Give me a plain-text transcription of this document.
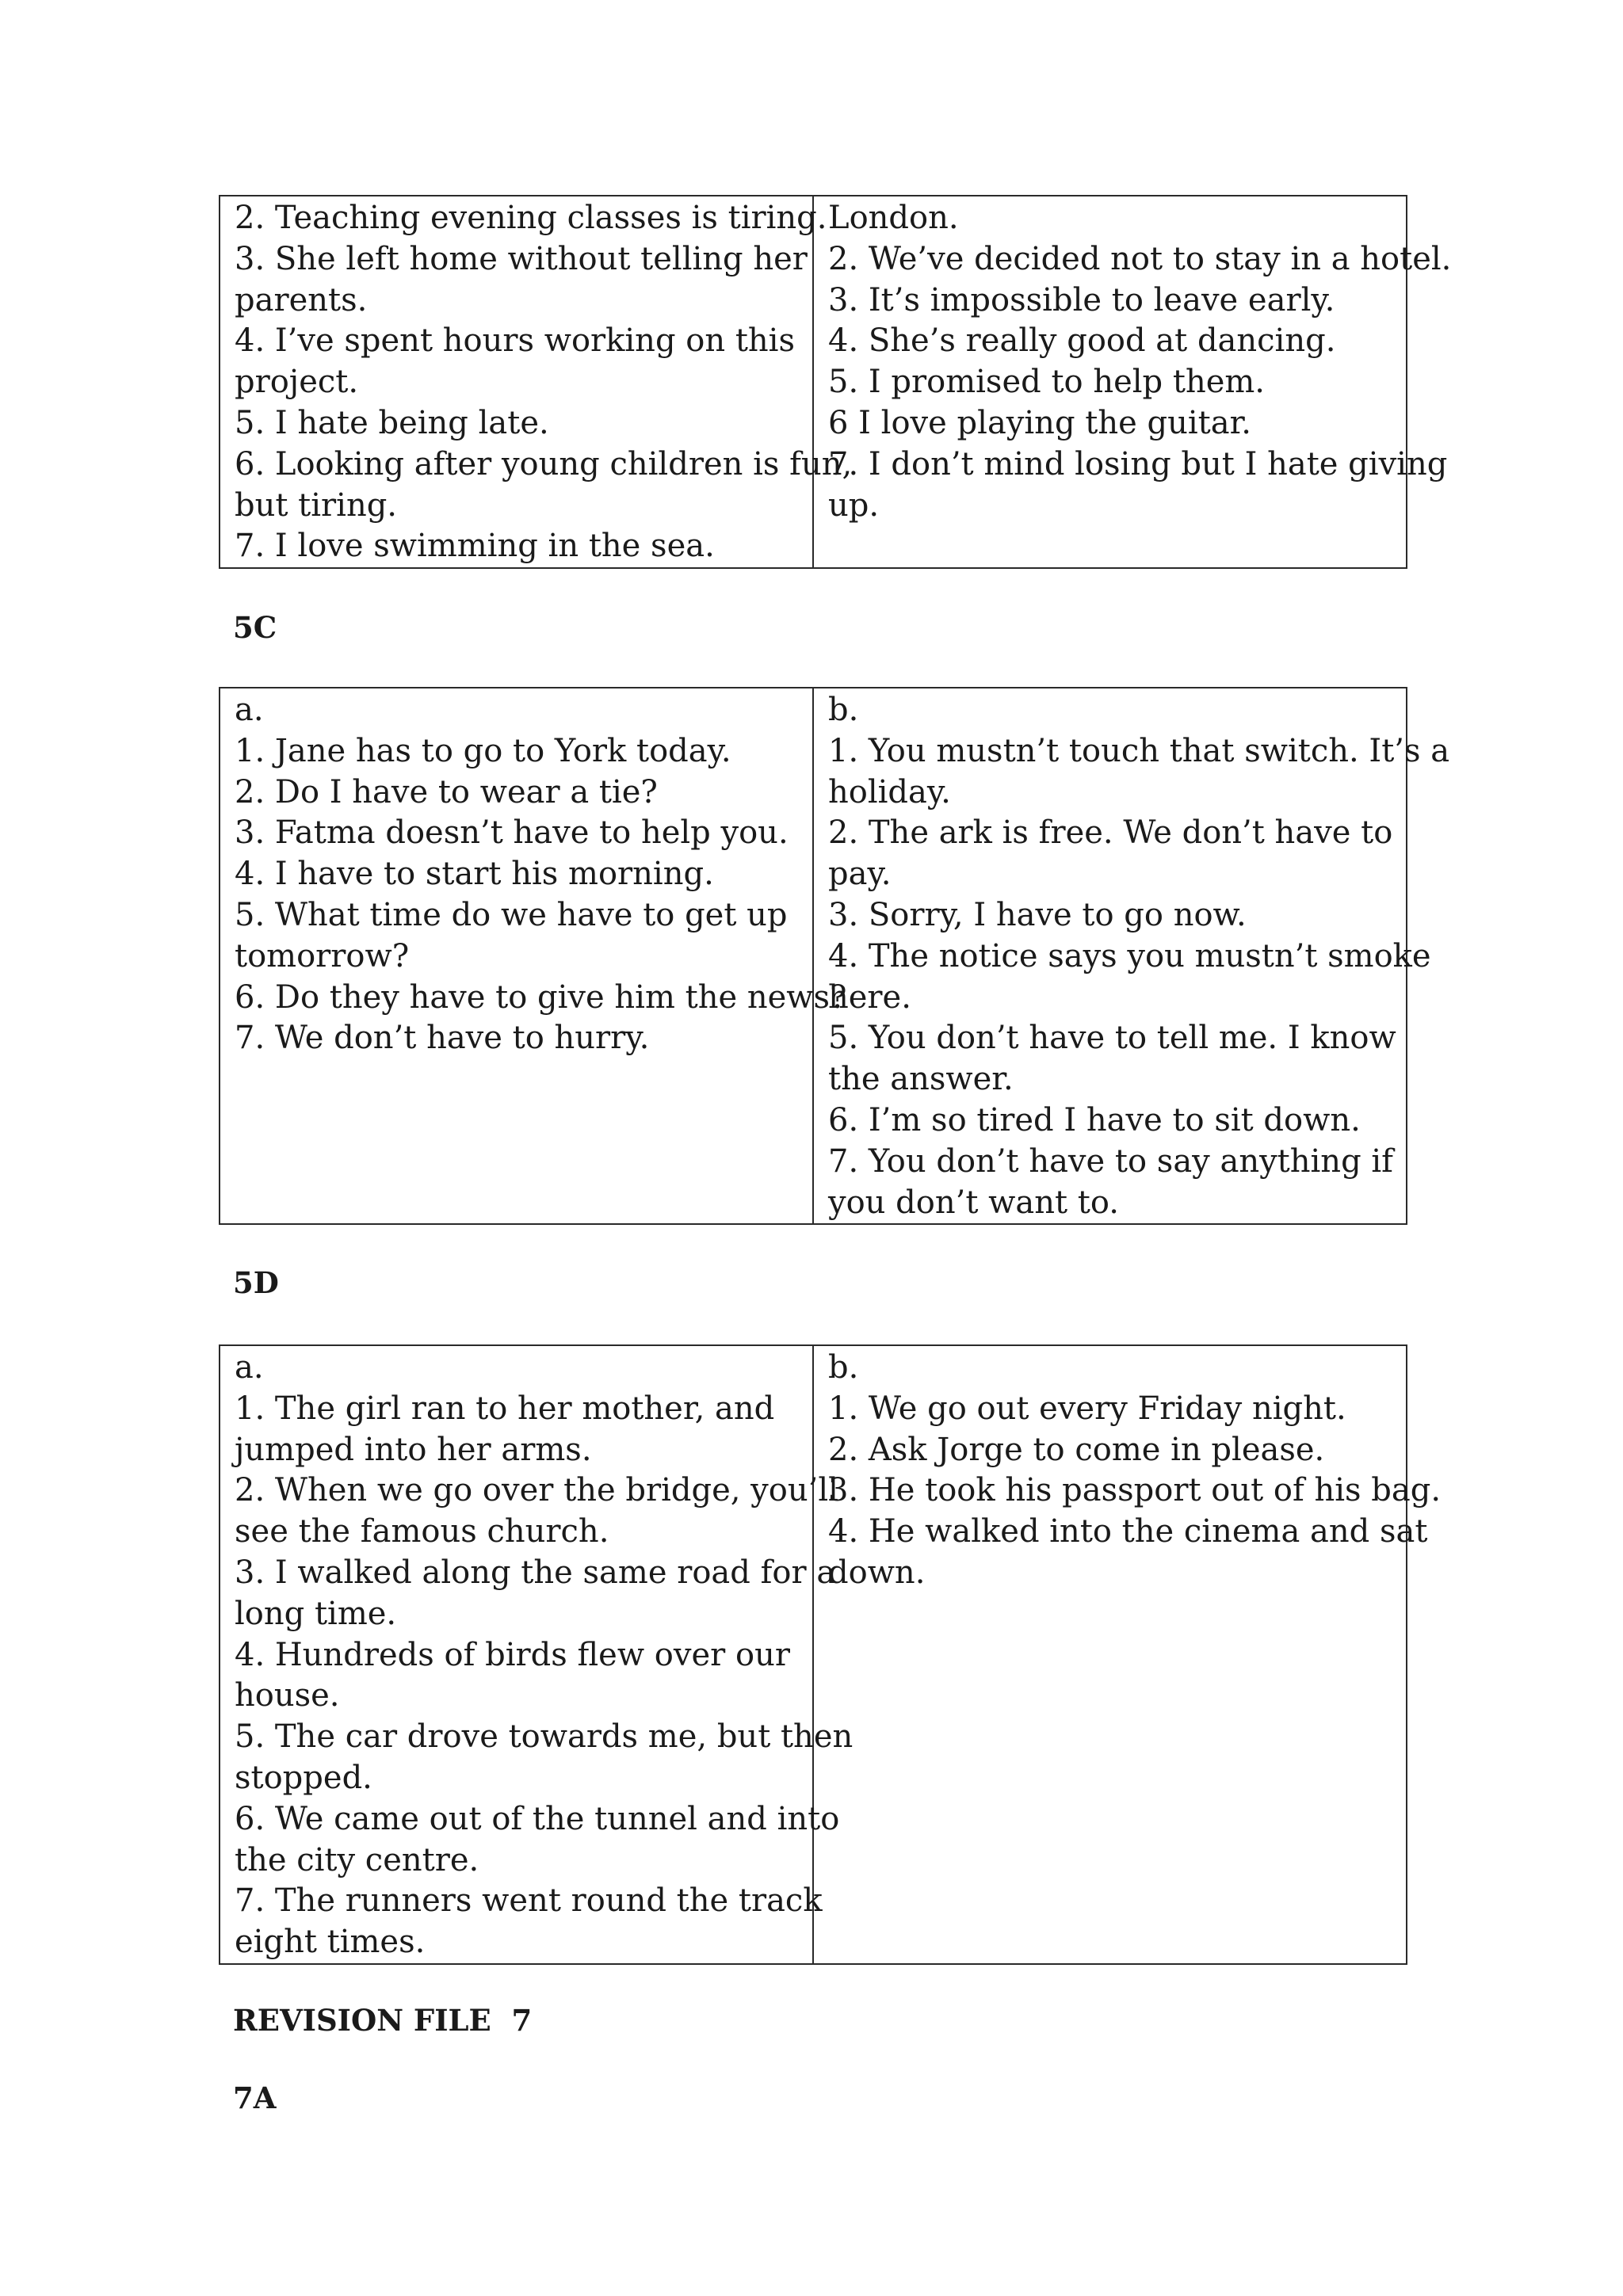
2. Teaching evening classes is tiring.
3. She left home without telling her
parents.
4. I’ve spent hours working on this
project.
5. I hate being late.
6. Looking after young children is fun,
but tiring.
7. I love swimming in the sea.

London.
2. We’ve decided not to stay in a hotel.
3. It’s impossible to leave early.
4. She’s really good at dancing.
5. I promised to help them.
6 I love playing the guitar.
7. I don’t mind losing but I hate giving
up.
5C
a.
1. Jane has to go to York today.
2. Do I have to wear a tie?
3. Fatma doesn’t have to help you.
4. I have to start his morning.
5. What time do we have to get up
tomorrow?
6. Do they have to give him the news?
7. We don’t have to hurry.

b.
1. You mustn’t touch that switch. It’s a
holiday.
2. The ark is free. We don’t have to
pay.
3. Sorry, I have to go now.
4. The notice says you mustn’t smoke
here.
5. You don’t have to tell me. I know
the answer.
6. I’m so tired I have to sit down.
7. You don’t have to say anything if
you don’t want to.
5D
a.
1. The girl ran to her mother, and
jumped into her arms.
2. When we go over the bridge, you’ll
see the famous church.
3. I walked along the same road for a
long time.
4. Hundreds of birds flew over our
house.
5. The car drove towards me, but then
stopped.
6. We came out of the tunnel and into
the city centre.
7. The runners went round the track
eight times.

b.
1. We go out every Friday night.
2. Ask Jorge to come in please.
3. He took his passport out of his bag.
4. He walked into the cinema and sat
down.
REVISION FILE  7
7A
